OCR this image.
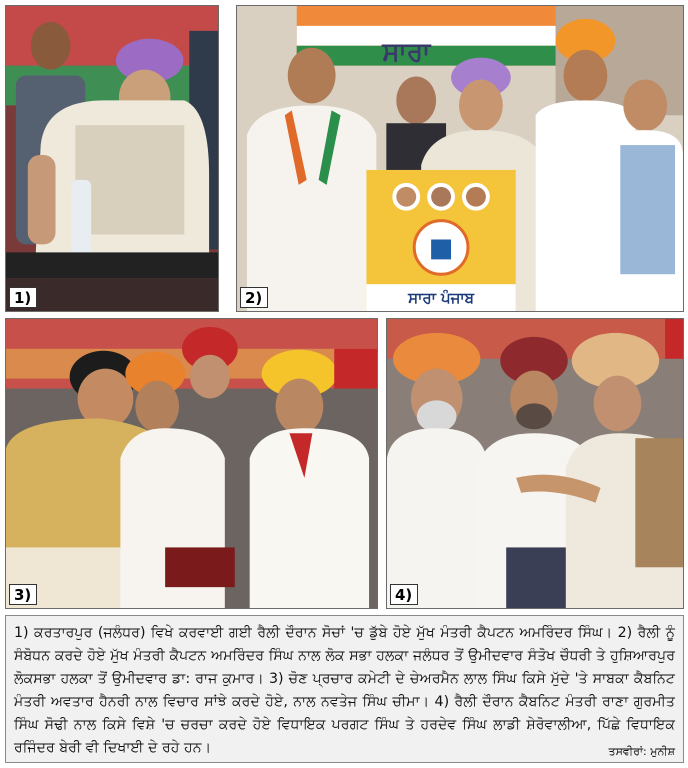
1)	ਸਾਰਾ ਪੰਜਾਬ
ਸਾਰਾ
2)
3)	4)

1) ਕਰਤਾਰਪੁਰ (ਜਲੰਧਰ) ਵਿਖੇ ਕਰਵਾਈ ਗਈ ਰੈਲੀ ਦੌਰਾਨ ਸੋਚਾਂ 'ਚ ਡੁੱਬੇ ਹੋਏ ਮੁੱਖ ਮੰਤਰੀ ਕੈਪਟਨ ਅਮਰਿੰਦਰ ਸਿੰਘ। 2) ਰੈਲੀ ਨੂੰ ਸੰਬੋਧਨ ਕਰਦੇ ਹੋਏ ਮੁੱਖ ਮੰਤਰੀ ਕੈਪਟਨ ਅਮਰਿੰਦਰ ਸਿੰਘ ਨਾਲ ਲੋਕ ਸਭਾ ਹਲਕਾ ਜਲੰਧਰ ਤੋਂ ਉਮੀਦਵਾਰ ਸੰਤੋਖ ਚੌਧਰੀ ਤੇ ਹੁਸ਼ਿਆਰਪੁਰ ਲੋਕਸਭਾ ਹਲਕਾ ਤੋਂ ਉਮੀਦਵਾਰ ਡਾ: ਰਾਜ ਕੁਮਾਰ। 3) ਚੋਣ ਪ੍ਰਚਾਰ ਕਮੇਟੀ ਦੇ ਚੇਅਰਮੈਨ ਲਾਲ ਸਿੰਘ ਕਿਸੇ ਮੁੱਦੇ 'ਤੇ ਸਾਬਕਾ ਕੈਬਨਿਟ ਮੰਤਰੀ ਅਵਤਾਰ ਹੈਨਰੀ ਨਾਲ ਵਿਚਾਰ ਸਾਂਝੇ ਕਰਦੇ ਹੋਏ, ਨਾਲ ਨਵਤੇਜ ਸਿੰਘ ਚੀਮਾ। 4) ਰੈਲੀ ਦੌਰਾਨ ਕੈਬਨਿਟ ਮੰਤਰੀ ਰਾਣਾ ਗੁਰਮੀਤ ਸਿੰਘ ਸੋਢੀ ਨਾਲ ਕਿਸੇ ਵਿਸ਼ੇ 'ਚ ਚਰਚਾ ਕਰਦੇ ਹੋਏ ਵਿਧਾਇਕ ਪਰਗਟ ਸਿੰਘ ਤੇ ਹਰਦੇਵ ਸਿੰਘ ਲਾਡੀ ਸ਼ੇਰੋਵਾਲੀਆ, ਪਿੱਛੇ ਵਿਧਾਇਕ ਰਜਿੰਦਰ ਬੇਰੀ ਵੀ ਦਿਖਾਈ ਦੇ ਰਹੇ ਹਨ।	ਤਸਵੀਰਾਂ: ਮੁਨੀਸ਼
